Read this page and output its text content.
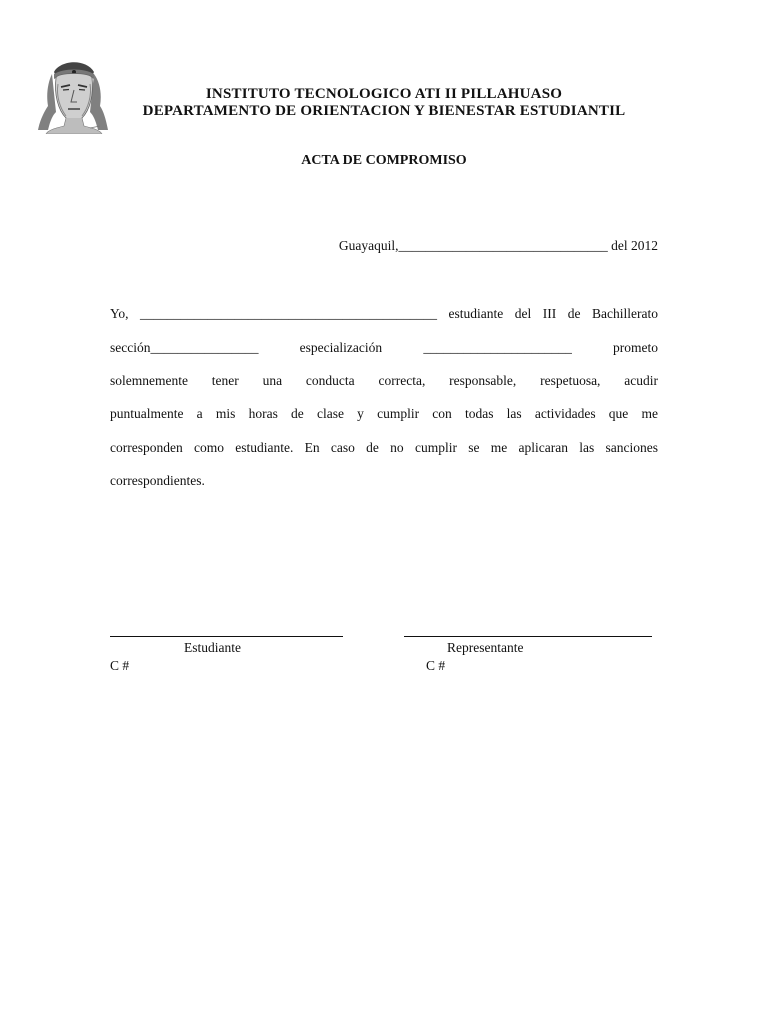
INSTITUTO TECNOLOGICO ATI II PILLAHUASO
DEPARTAMENTO DE ORIENTACION Y BIENESTAR ESTUDIANTIL
ACTA DE COMPROMISO
Guayaquil,_______________________________ del 2012
Yo, ____________________________________________ estudiante del III de Bachillerato
sección________________ especialización ______________________ prometo
solemnemente tener una conducta correcta, responsable, respetuosa, acudir
puntualmente a mis horas de clase y cumplir con todas las actividades que me
corresponden como estudiante. En caso de no cumplir se me aplicaran las sanciones
correspondientes.
Estudiante	Representante
C #	C #
